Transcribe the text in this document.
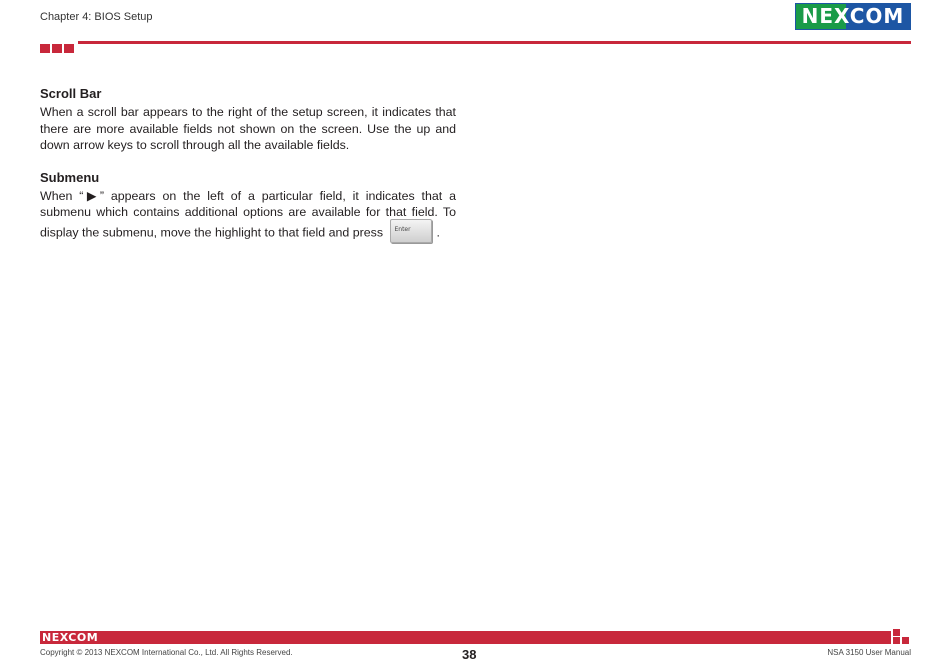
Chapter 4: BIOS Setup	NEXCOM
Scroll Bar

When a scroll bar appears to the right of the setup screen, it indicates that there are more available fields not shown on the screen. Use the up and down arrow keys to scroll through all the available fields.

Submenu

When “▶” appears on the left of a particular field, it indicates that a submenu which contains additional options are available for that field. To display the submenu, move the highlight to that field and press Enter .

NEXCOM
Copyright © 2013 NEXCOM International Co., Ltd. All Rights Reserved.	38	NSA 3150 User Manual
